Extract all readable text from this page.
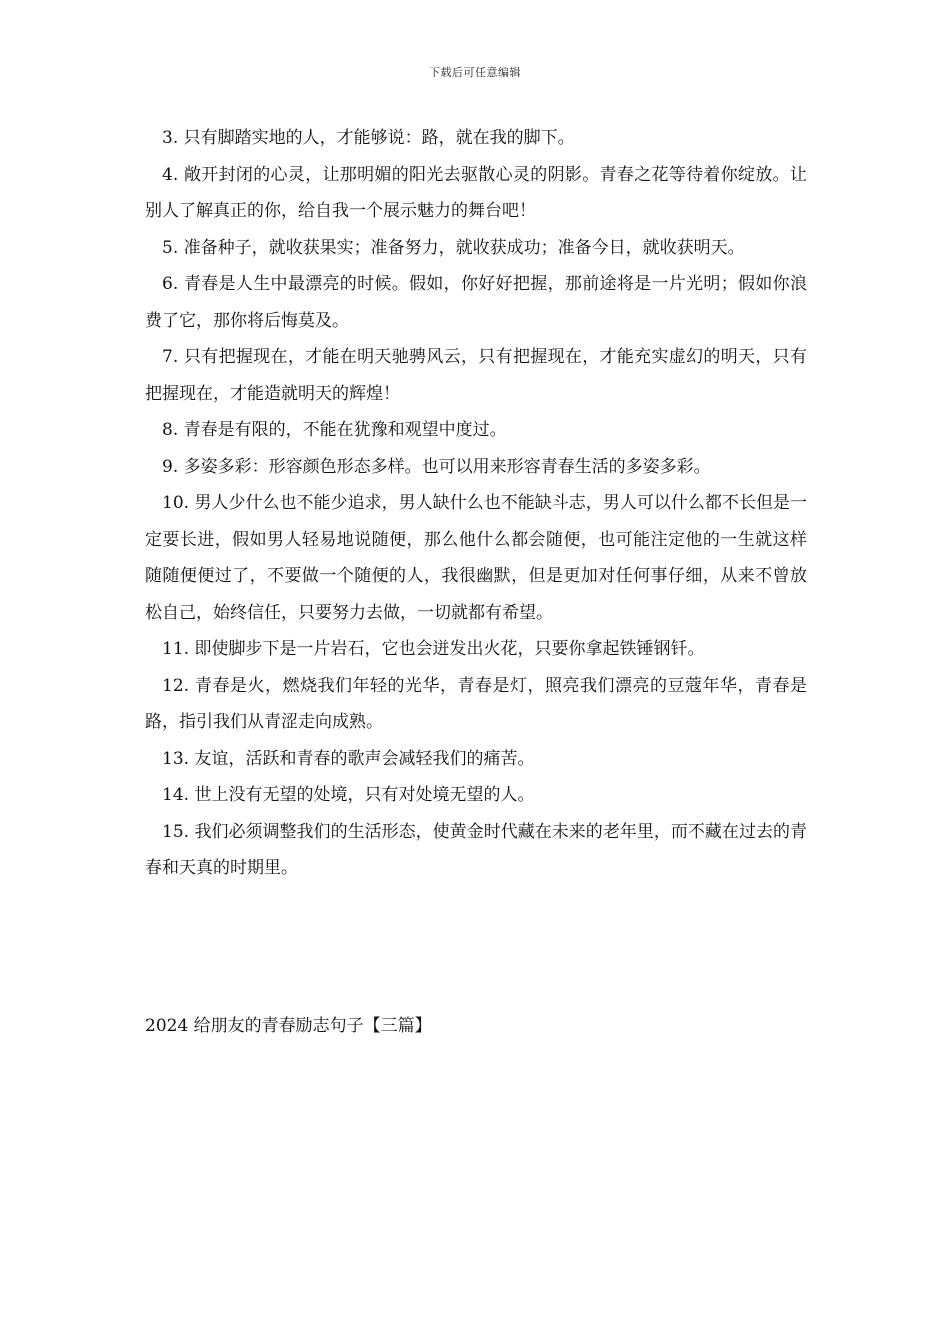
下载后可任意编辑

3. 只有脚踏实地的人，才能够说：路，就在我的脚下。

4. 敞开封闭的心灵，让那明媚的阳光去驱散心灵的阴影。青春之花等待着你绽放。让别人了解真正的你，给自我一个展示魅力的舞台吧！

5. 准备种子，就收获果实；准备努力，就收获成功；准备今日，就收获明天。

6. 青春是人生中最漂亮的时候。假如，你好好把握，那前途将是一片光明；假如你浪费了它，那你将后悔莫及。

7. 只有把握现在，才能在明天驰骋风云，只有把握现在，才能充实虚幻的明天，只有把握现在，才能造就明天的辉煌！

8. 青春是有限的，不能在犹豫和观望中度过。

9. 多姿多彩：形容颜色形态多样。也可以用来形容青春生活的多姿多彩。

10. 男人少什么也不能少追求，男人缺什么也不能缺斗志，男人可以什么都不长但是一定要长进，假如男人轻易地说随便，那么他什么都会随便，也可能注定他的一生就这样随随便便过了，不要做一个随便的人，我很幽默，但是更加对任何事仔细，从来不曾放松自己，始终信任，只要努力去做，一切就都有希望。

11. 即使脚步下是一片岩石，它也会迸发出火花，只要你拿起铁锤钢钎。

12. 青春是火，燃烧我们年轻的光华，青春是灯，照亮我们漂亮的豆蔻年华，青春是路，指引我们从青涩走向成熟。

13. 友谊，活跃和青春的歌声会减轻我们的痛苦。

14. 世上没有无望的处境，只有对处境无望的人。

15. 我们必须调整我们的生活形态，使黄金时代藏在未来的老年里，而不藏在过去的青春和天真的时期里。

2024 给朋友的青春励志句子【三篇】
